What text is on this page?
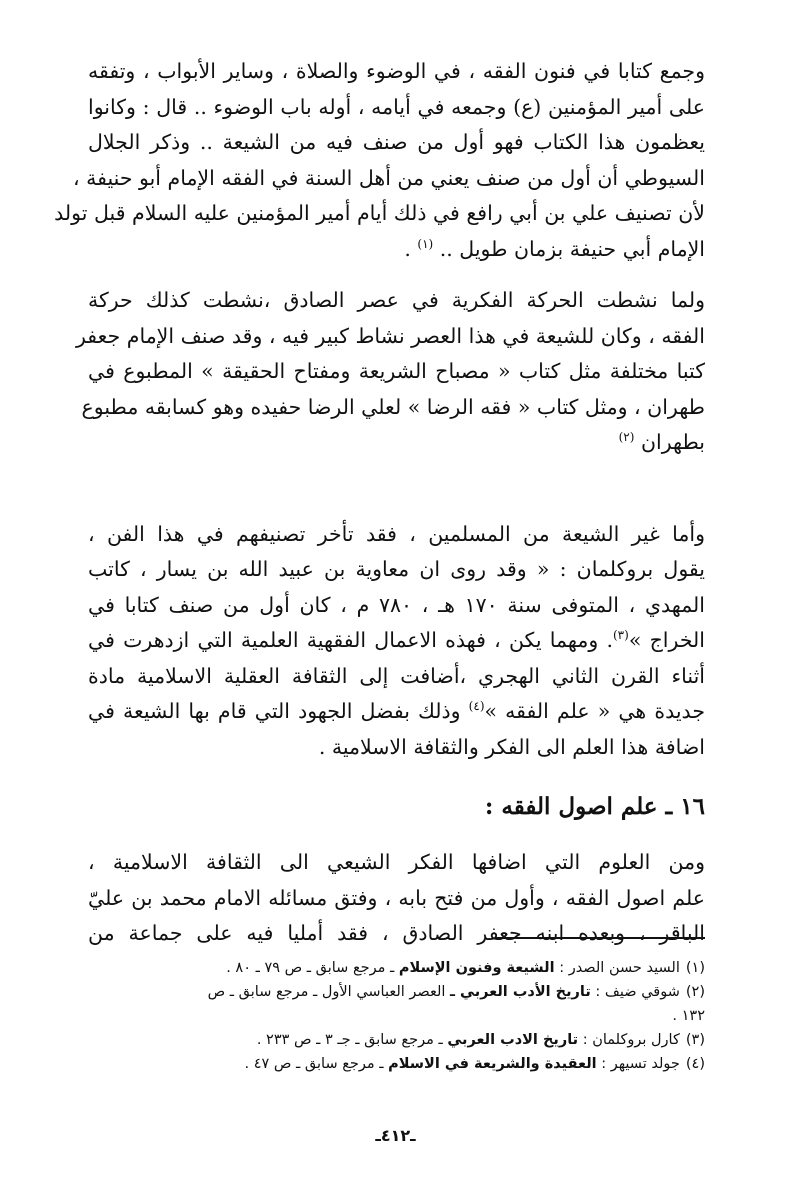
وجمع كتابا في فنون الفقه ، في الوضوء والصلاة ، وساير الأبواب ، وتفقه
على أمير المؤمنين (ع) وجمعه في أيامه ، أوله باب الوضوء .. قال : وكانوا
يعظمون هذا الكتاب فهو أول من صنف فيه من الشيعة .. وذكر الجلال
السيوطي أن أول من صنف يعني من أهل السنة في الفقه الإمام أبو حنيفة ،
لأن تصنيف علي بن أبي رافع في ذلك أيام أمير المؤمنين عليه السلام قبل تولد
الإمام أبي حنيفة بزمان طويل .. $^{(١)}$ .
ولما نشطت الحركة الفكرية في عصر الصادق ،نشطت كذلك حركة
الفقه ، وكان للشيعة في هذا العصر نشاط كبير فيه ، وقد صنف الإمام جعفر
كتبا مختلفة مثل كتاب « مصباح الشريعة ومفتاح الحقيقة » المطبوع في
طهران ، ومثل كتاب « فقه الرضا » لعلي الرضا حفيده وهو كسابقه مطبوع
بطهران $^{(٢)}$
وأما غير الشيعة من المسلمين ، فقد تأخر تصنيفهم في هذا الفن ،
يقول بروكلمان : « وقد روى ان معاوية بن عبيد الله بن يسار ، كاتب
المهدي ، المتوفى سنة ١٧٠ هـ ، ٧٨٠ م ، كان أول من صنف كتابا في
الخراج »$^{(٣)}$. ومهما يكن ، فهذه الاعمال الفقهية العلمية التي ازدهرت في
أثناء القرن الثاني الهجري ،أضافت إلى الثقافة العقلية الاسلامية مادة
جديدة هي « علم الفقه »$^{(٤)}$ وذلك بفضل الجهود التي قام بها الشيعة في
اضافة هذا العلم الى الفكر والثقافة الاسلامية .
١٦ ـ علم اصول الفقه :
ومن العلوم التي اضافها الفكر الشيعي الى الثقافة الاسلامية ،
علم اصول الفقه ، وأول من فتح بابه ، وفتق مسائله الامام محمد بن عليّ
الباقر ، وبعده ابنه جعفر الصادق ، فقد أمليا فيه على جماعة من

(١)السيد حسن الصدر : الشيعة وفنون الإسلام ـ مرجع سابق ـ ص ٧٩ ـ ٨٠ .

(٢)شوقي ضيف : تاريخ الأدب العربي ـ العصر العباسي الأول ـ مرجع سابق ـ ص

١٣٢ .

(٣)كارل بروكلمان : تاريخ الادب العربي ـ مرجع سابق ـ جـ ٣ ـ ص ٢٣٣ .

(٤)جولد تسيهر : العقيدة والشريعة في الاسلام ـ مرجع سابق ـ ص ٤٧ .

ـ٤١٢ـ
